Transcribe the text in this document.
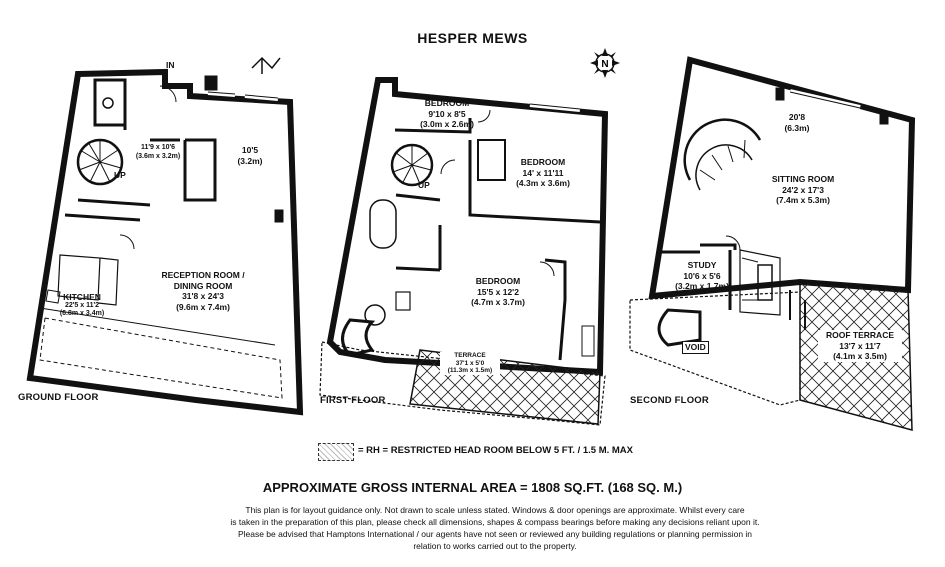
HESPER MEWS
N
GROUND FLOOR	FIRST FLOOR	SECOND FLOOR
IN
UP
11'9 x 10'6
(3.6m x 3.2m)
10'5
(3.2m)
RECEPTION ROOM /
DINING ROOM
31'8 x 24'3
(9.6m x 7.4m)
KITCHEN
22'5 x 11'2
(6.8m x 3.4m)
BEDROOM
9'10 x 8'5
(3.0m x 2.6m)
BEDROOM
14' x 11'11
(4.3m x 3.6m)
BEDROOM
15'5 x 12'2
(4.7m x 3.7m)
UP
TERRACE
37'1 x 5'0
(11.3m x 1.5m)
20'8
(6.3m)
SITTING ROOM
24'2 x 17'3
(7.4m x 5.3m)
STUDY
10'6 x 5'6
(3.2m x 1.7m)
VOID
ROOF TERRACE
13'7 x 11'7
(4.1m x 3.5m)
= RH = RESTRICTED HEAD ROOM BELOW 5 FT. / 1.5 M. MAX
APPROXIMATE GROSS INTERNAL AREA = 1808 SQ.FT. (168 SQ. M.)
This plan is for layout guidance only. Not drawn to scale unless stated. Windows & door openings are approximate. Whilst every care
is taken in the preparation of this plan, please check all dimensions, shapes & compass bearings before making any decisions reliant upon it.
Please be advised that Hamptons International / our agents have not seen or reviewed any building regulations or planning permission in
relation to works carried out to the property.
